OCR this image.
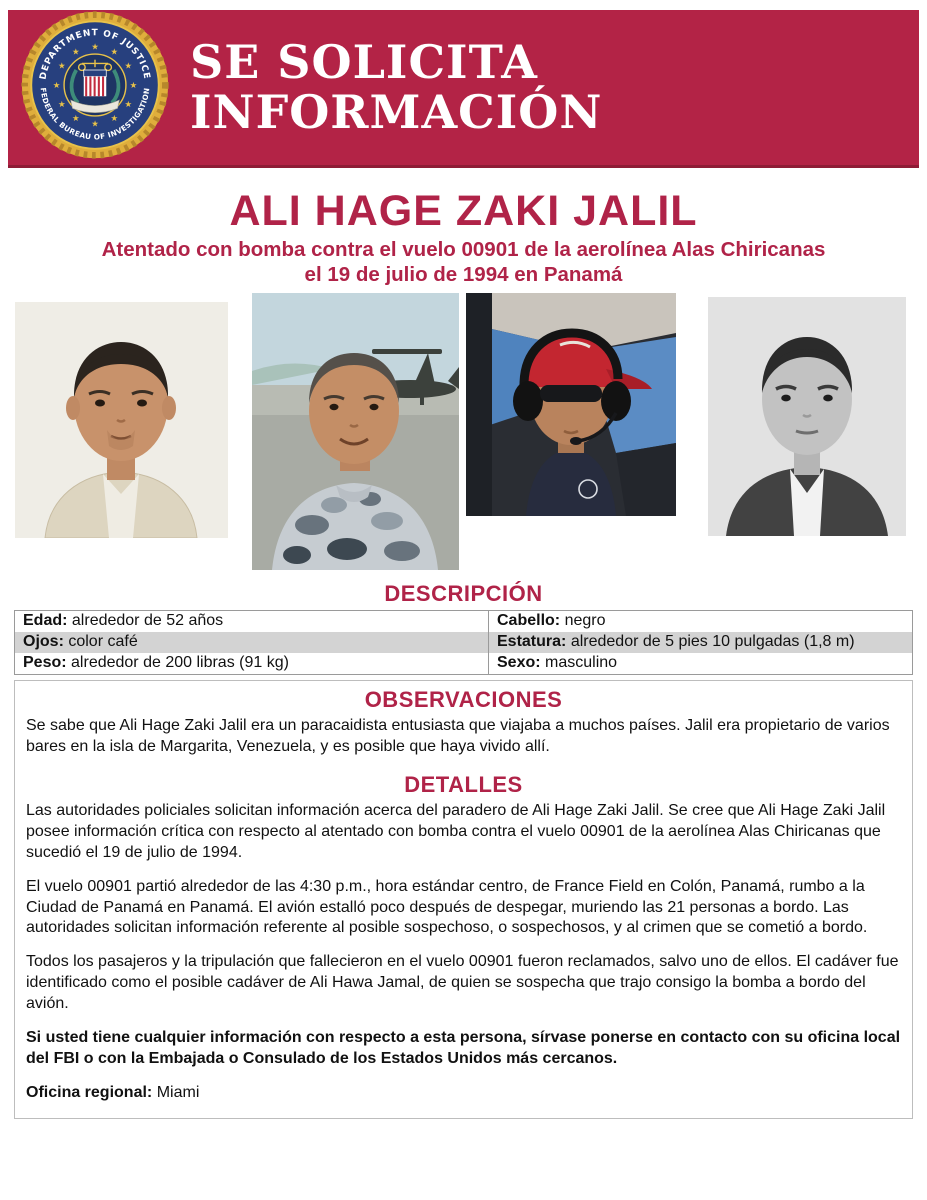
DEPARTMENT OF JUSTICE
FEDERAL BUREAU OF INVESTIGATION
★
★
★
★
★
★
★
★
★
★
★
★ SE SOLICITA
INFORMACIÓN
ALI HAGE ZAKI JALIL
Atentado con bomba contra el vuelo 00901 de la aerolínea Alas Chiricanas
el 19 de julio de 1994 en Panamá
DESCRIPCIÓN
Edad: alrededor de 52 años	Cabello: negro
Ojos: color café	Estatura: alrededor de 5 pies 10 pulgadas (1,8 m)
Peso: alrededor de 200 libras (91 kg)	Sexo: masculino
OBSERVACIONES

Se sabe que Ali Hage Zaki Jalil era un paracaidista entusiasta que viajaba a muchos países. Jalil era propietario de varios bares en la isla de Margarita, Venezuela, y es posible que haya vivido allí.

DETALLES

Las autoridades policiales solicitan información acerca del paradero de Ali Hage Zaki Jalil. Se cree que Ali Hage Zaki Jalil posee información crítica con respecto al atentado con bomba contra el vuelo 00901 de la aerolínea Alas Chiricanas que sucedió el 19 de julio de 1994.

El vuelo 00901 partió alrededor de las 4:30 p.m., hora estándar centro, de France Field en Colón, Panamá, rumbo a la Ciudad de Panamá en Panamá. El avión estalló poco después de despegar, muriendo las 21 personas a bordo. Las autoridades solicitan información referente al posible sospechoso, o sospechosos, y al crimen que se cometió a bordo.

Todos los pasajeros y la tripulación que fallecieron en el vuelo 00901 fueron reclamados, salvo uno de ellos. El cadáver fue identificado como el posible cadáver de Ali Hawa Jamal, de quien se sospecha que trajo consigo la bomba a bordo del avión.

Si usted tiene cualquier información con respecto a esta persona, sírvase ponerse en contacto con su oficina local del FBI o con la Embajada o Consulado de los Estados Unidos más cercanos.

Oficina regional: Miami
